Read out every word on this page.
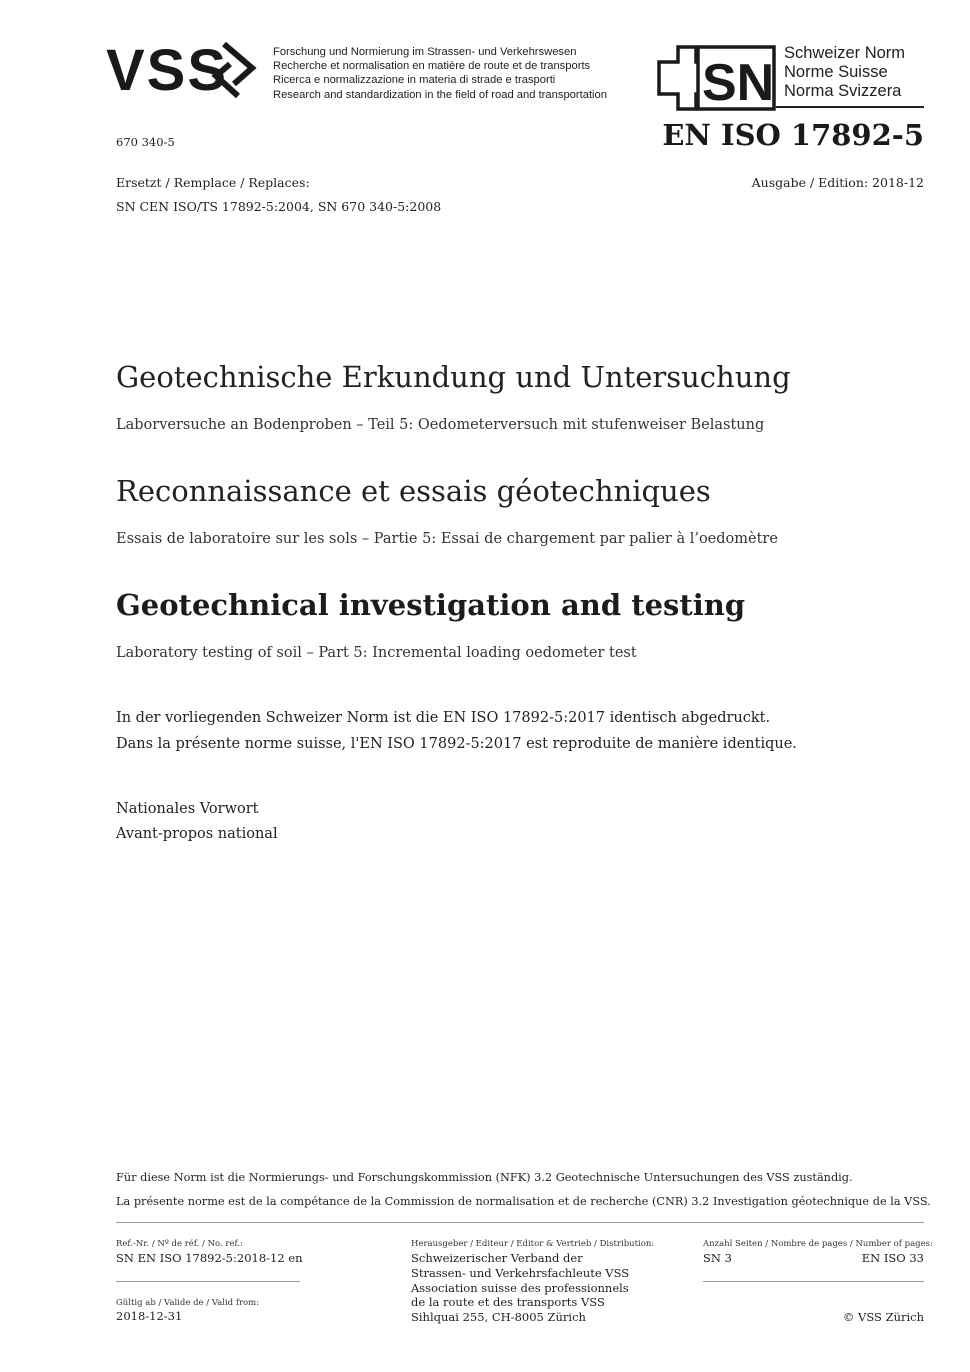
VSS	Forschung und Normierung im Strassen- und Verkehrswesen
Recherche et normalisation en matière de route et de transports
Ricerca e normalizzazione in materia di strade e trasporti
Research and standardization in the field of road and transportation SN
Schweizer Norm
Norme Suisse
Norma Svizzera
670 340-5	EN ISO 17892-5
Ersetzt / Remplace / Replaces:
SN CEN ISO/TS 17892-5:2004, SN 670 340-5:2008
Ausgabe / Edition: 2018-12
Geotechnische Erkundung und Untersuchung
Laborversuche an Bodenproben – Teil 5: Oedometerversuch mit stufenweiser Belastung
Reconnaissance et essais géotechniques
Essais de laboratoire sur les sols – Partie 5: Essai de chargement par palier à l’oedomètre
Geotechnical investigation and testing
Laboratory testing of soil – Part 5: Incremental loading oedometer test
In der vorliegenden Schweizer Norm ist die EN ISO 17892-5:2017 identisch abgedruckt.
Dans la présente norme suisse, l'EN ISO 17892-5:2017 est reproduite de manière identique.
Nationales Vorwort
Avant-propos national
Für diese Norm ist die Normierungs- und Forschungskommission (NFK) 3.2 Geotechnische Untersuchungen des VSS zuständig.
La présente norme est de la compétance de la Commission de normalisation et de recherche (CNR) 3.2 Investigation géotechnique de la VSS.
Ref.-Nr. / Nº de réf. / No. ref.:
SN EN ISO 17892-5:2018-12 en
Gültig ab / Valide de / Valid from:
2018-12-31
Herausgeber / Editeur / Editor & Vertrieb / Distribution:
Schweizerischer Verband der
Strassen- und Verkehrsfachleute VSS
Association suisse des professionnels
de la route et des transports VSS
Sihlquai 255, CH-8005 Zürich
Anzahl Seiten / Nombre de pages / Number of pages:
SN 3	EN ISO 33
© VSS Zürich
